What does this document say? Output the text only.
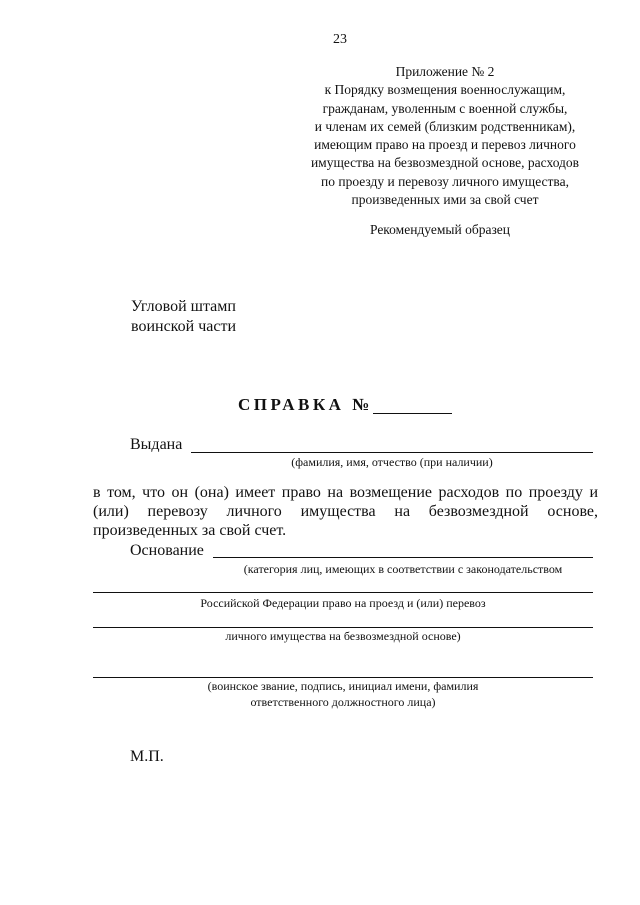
23
Приложение № 2
к Порядку возмещения военнослужащим,
гражданам, уволенным с военной службы,
и членам их семей (близким родственникам),
имеющим право на проезд и перевоз личного
имущества на безвозмездной основе, расходов
по проезду и перевозу личного имущества,
произведенных ими за свой счет
Рекомендуемый образец
Угловой штамп
воинской части
СПРАВКА №
Выдана
(фамилия, имя, отчество (при наличии)
в том, что он (она) имеет право на возмещение расходов по проезду и (или) перевозу личного имущества на безвозмездной основе, произведенных за свой счет.
Основание
(категория лиц, имеющих в соответствии с законодательством
Российской Федерации право на проезд и (или) перевоз
личного имущества на безвозмездной основе)
(воинское звание, подпись, инициал имени, фамилия
ответственного должностного лица)
М.П.
